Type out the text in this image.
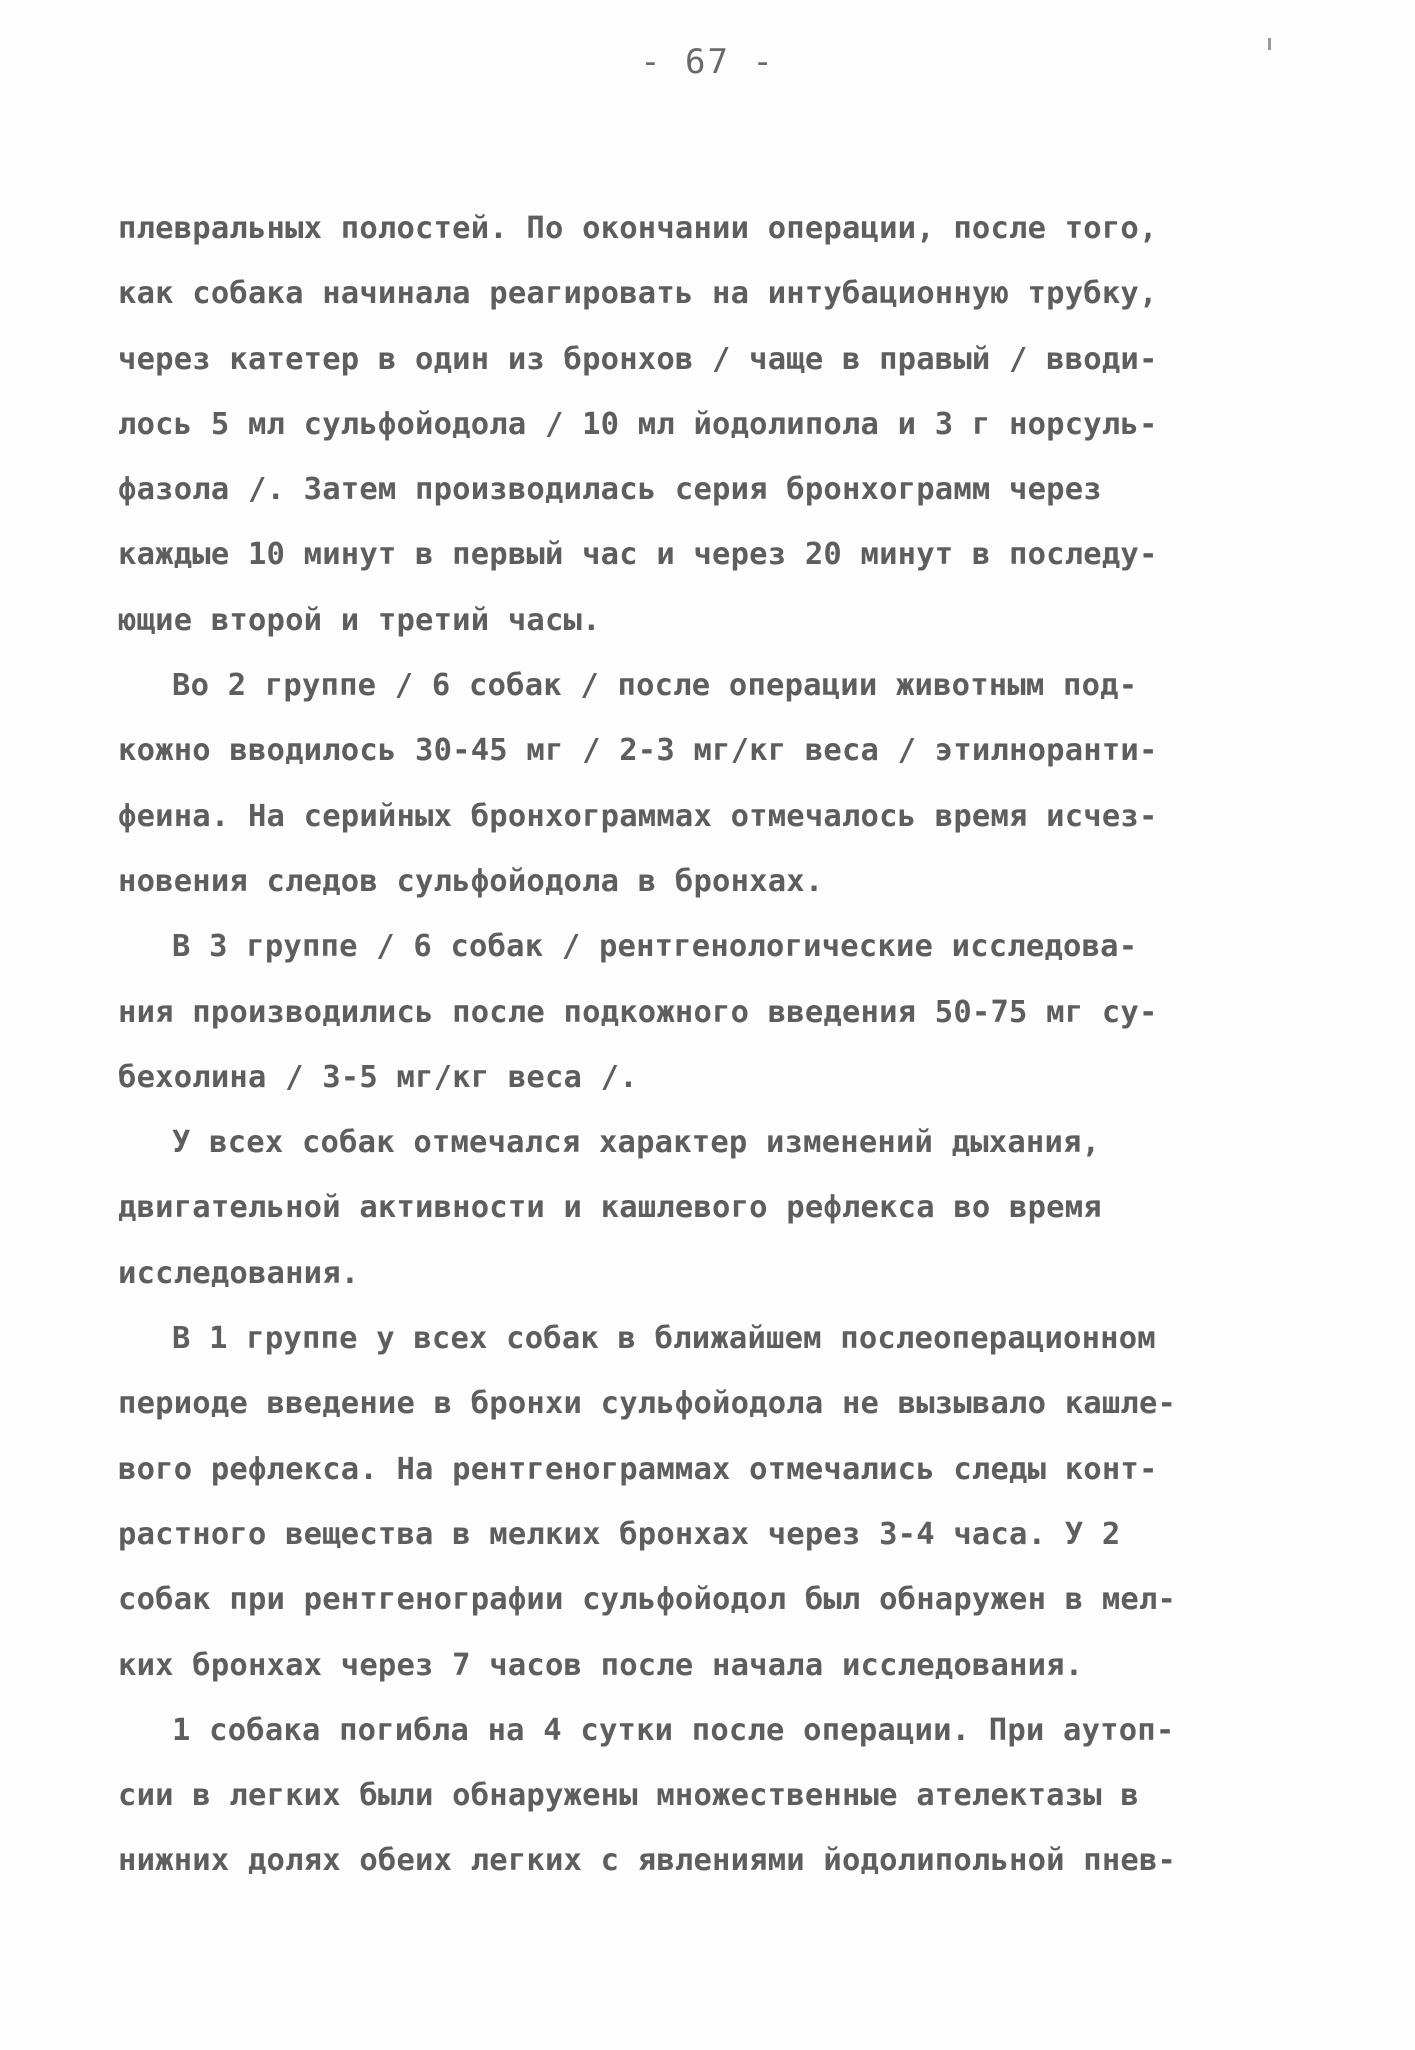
- 67 -
плевральных полостей. По окончании операции, после того,
как собака начинала реагировать на интубационную трубку,
через катетер в один из бронхов / чаще в правый / вводи-
лось 5 мл сульфойодола / 10 мл йодолипола и 3 г норсуль-
фазола /. Затем производилась серия бронхограмм через
каждые 10 минут в первый час и через 20 минут в последу-
ющие второй и третий часы.
Во 2 группе / 6 собак / после операции животным под-
кожно вводилось 30-45 мг / 2-3 мг/кг веса / этилноранти-
феина. На серийных бронхограммах отмечалось время исчез-
новения следов сульфойодола в бронхах.
В 3 группе / 6 собак / рентгенологические исследова-
ния производились после подкожного введения 50-75 мг су-
бехолина / 3-5 мг/кг веса /.
У всех собак отмечался характер изменений дыхания,
двигательной активности и кашлевого рефлекса во время
исследования.
В 1 группе у всех собак в ближайшем послеоперационном
периоде введение в бронхи сульфойодола не вызывало кашле-
вого рефлекса. На рентгенограммах отмечались следы конт-
растного вещества в мелких бронхах через 3-4 часа. У 2
собак при рентгенографии сульфойодол был обнаружен в мел-
ких бронхах через 7 часов после начала исследования.
1 собака погибла на 4 сутки после операции. При аутоп-
сии в легких были обнаружены множественные ателектазы в
нижних долях обеих легких с явлениями йодолипольной пнев-
